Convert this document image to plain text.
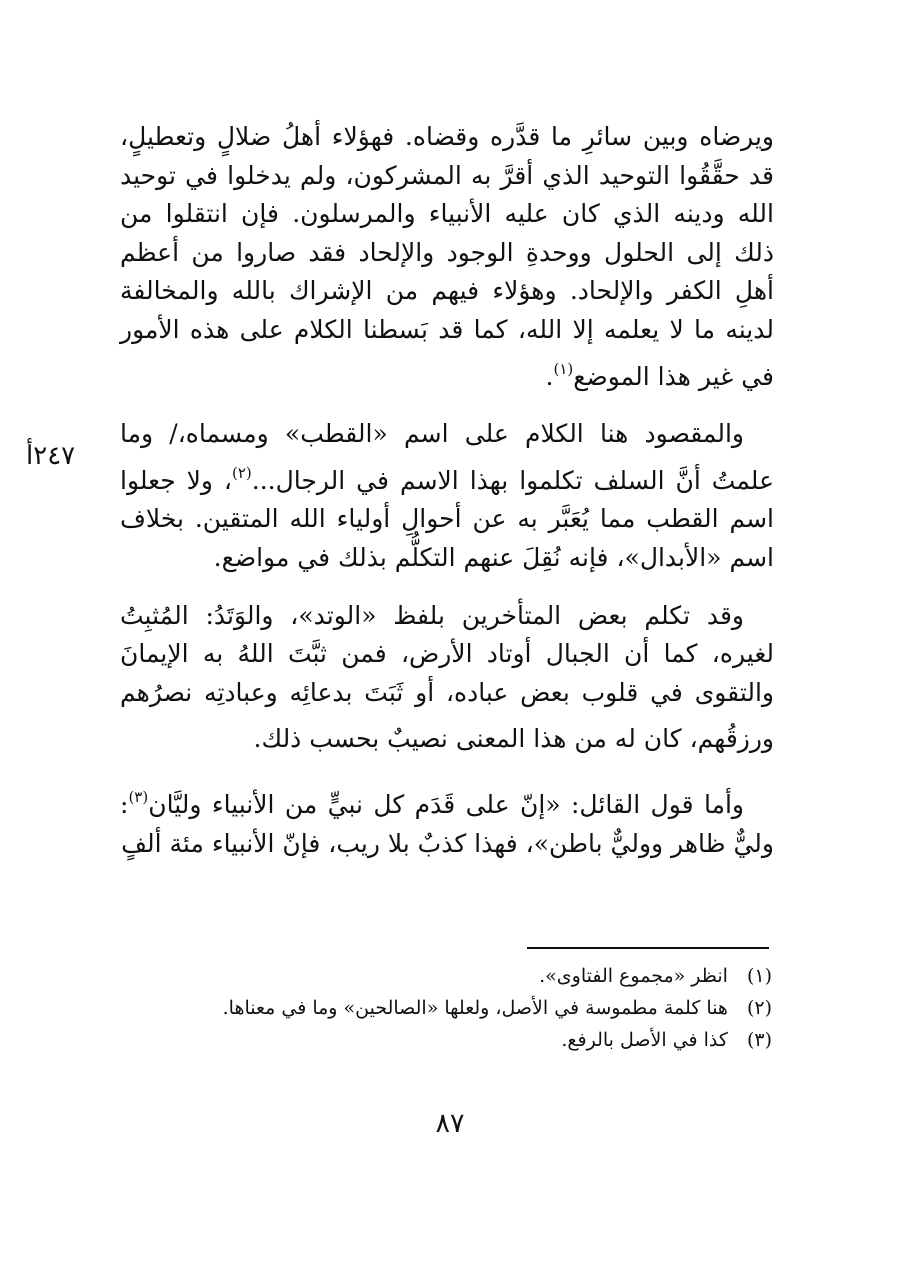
٢٤٧أ

ويرضاه وبين سائرِ ما قدَّره وقضاه. فهؤلاء أهلُ ضلالٍ وتعطيلٍ، قد حقَّقُوا التوحيد الذي أقرَّ به المشركون، ولم يدخلوا في توحيد الله ودينه الذي كان عليه الأنبياء والمرسلون. فإن انتقلوا من ذلك إلى الحلول ووحدةِ الوجود والإلحاد فقد صاروا من أعظم أهلِ الكفر والإلحاد. وهؤلاء فيهم من الإشراك بالله والمخالفة لدينه ما لا يعلمه إلا الله، كما قد بَسطنا الكلام على هذه الأمور في غير هذا الموضع$^{(١)}$.

والمقصود هنا الكلام على اسم «القطب» ومسماه،/ وما علمتُ أنَّ السلف تكلموا بهذا الاسم في الرجال...$^{(٢)}$، ولا جعلوا اسم القطب مما يُعَبَّر به عن أحوالِ أولياء الله المتقين. بخلاف اسم «الأبدال»، فإنه نُقِلَ عنهم التكلُّم بذلك في مواضع.

وقد تكلم بعض المتأخرين بلفظ «الوتد»، والوَتَدُ: المُثبِتُ لغيره، كما أن الجبال أوتاد الأرض، فمن ثبَّتَ اللهُ به الإيمانَ والتقوى في قلوب بعض عباده، أو ثَبَتَ بدعائِه وعبادتِه نصرُهم ورزقُهم، كان له من هذا المعنى نصيبٌ بحسب ذلك.

وأما قول القائل: «إنّ على قَدَم كل نبيٍّ من الأنبياء وليَّان$^{(٣)}$: وليٌّ ظاهر ووليٌّ باطن»، فهذا كذبٌ بلا ريب، فإنّ الأنبياء مئة ألفٍ

(١) انظر «مجموع الفتاوى».

(٢) هنا كلمة مطموسة في الأصل، ولعلها «الصالحين» وما في معناها.

(٣) كذا في الأصل بالرفع.

٨٧
